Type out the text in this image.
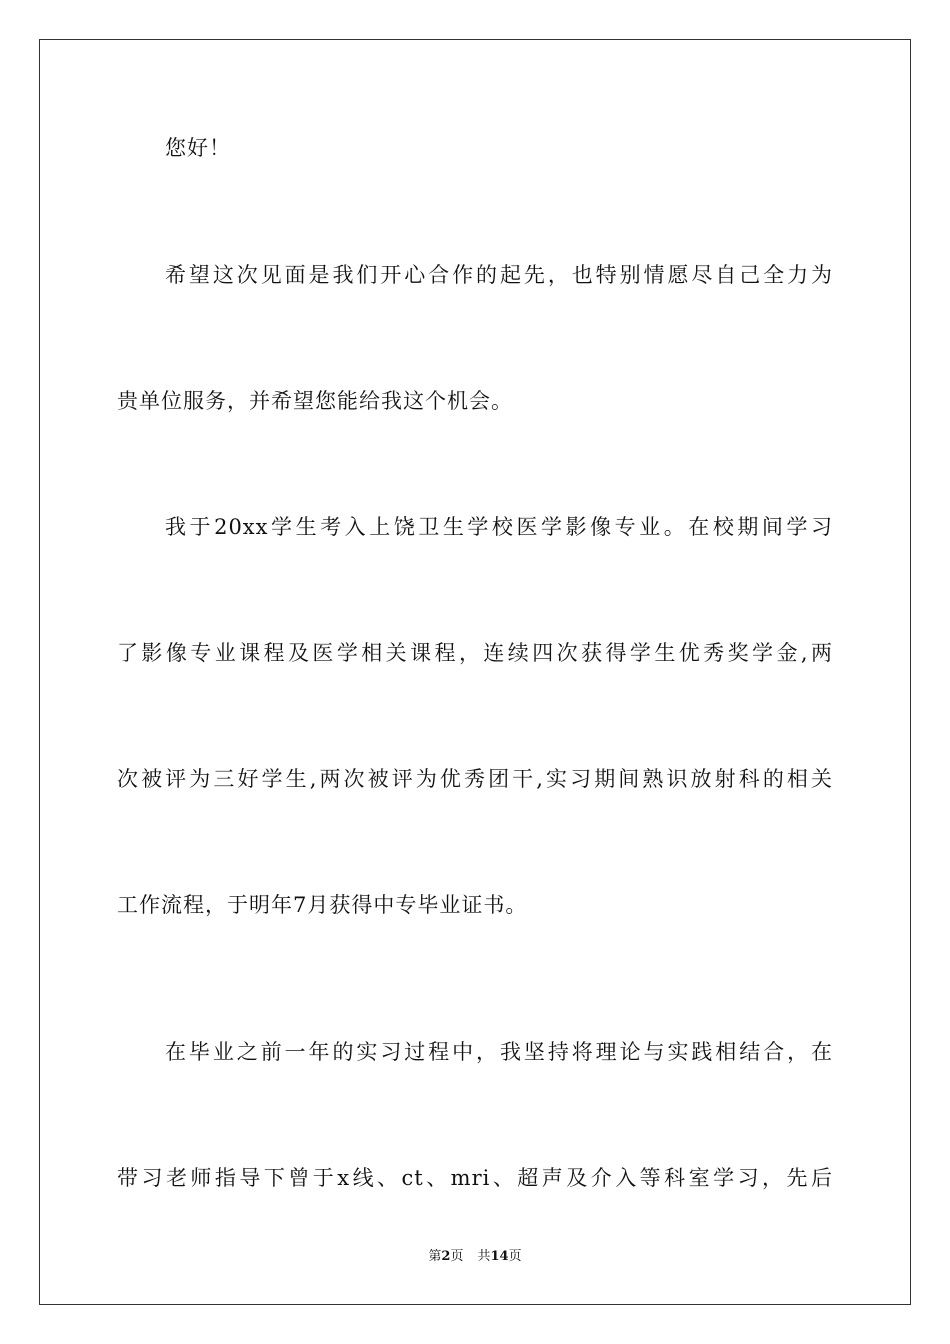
您好！
希望这次见面是我们开心合作的起先，也特别情愿尽自己全力为
贵单位服务，并希望您能给我这个机会。
我于20xx学生考入上饶卫生学校医学影像专业。在校期间学习
了影像专业课程及医学相关课程，连续四次获得学生优秀奖学金,两
次被评为三好学生,两次被评为优秀团干,实习期间熟识放射科的相关
工作流程，于明年7月获得中专毕业证书。
在毕业之前一年的实习过程中，我坚持将理论与实践相结合，在
带习老师指导下曾于x线、ct、mri、超声及介入等科室学习，先后
第2页 共14页
